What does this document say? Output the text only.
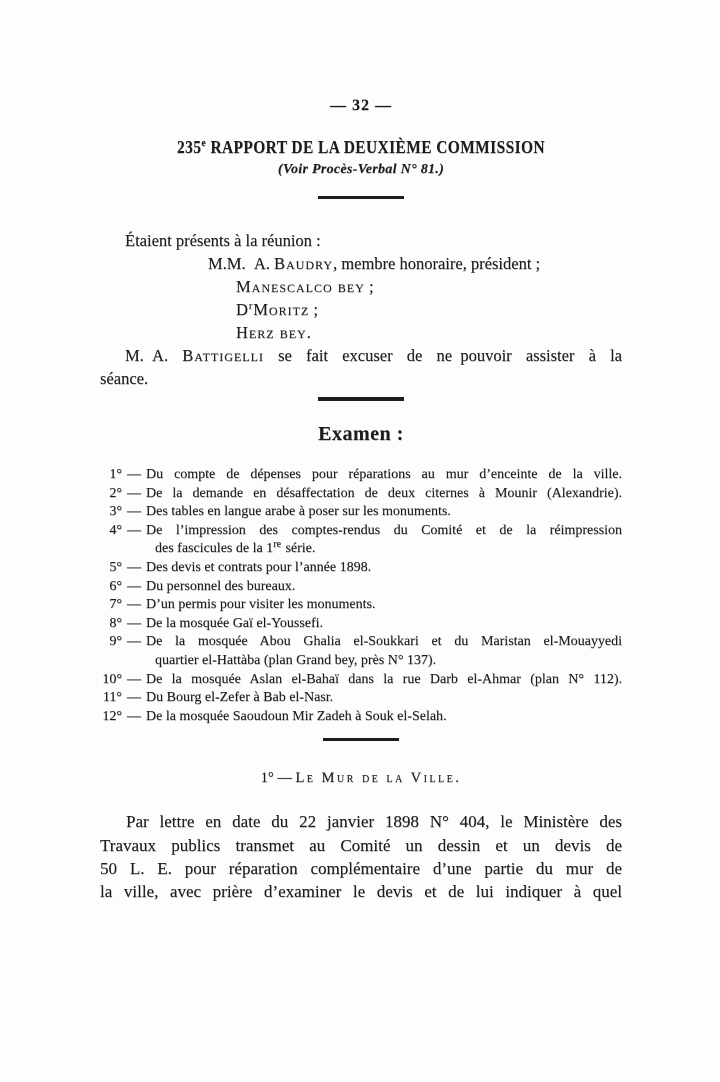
— 32 —
235e RAPPORT DE LA DEUXIÈME COMMISSION
(Voir Procès-Verbal N° 81.)
Étaient présents à la réunion :
M.M. A. Baudry, membre honoraire, président ;
Manescalco bey ;
$D^rMoritz$ ;
Herz bey.
M. A. Battigelli se fait excuser de ne pouvoir assister à la
séance.
Examen :
1° — Du compte de dépenses pour réparations au mur d’enceinte de la ville.
2° — De la demande en désaffectation de deux citernes à Mounir (Alexandrie).
3° — Des tables en langue arabe à poser sur les monuments.
4° — De l’impression des comptes-rendus du Comité et de la réimpression
des fascicules de la 1re série.
5° — Des devis et contrats pour l’année 1898.
6° — Du personnel des bureaux.
7° — D’un permis pour visiter les monuments.
8° — De la mosquée Gaï el-Youssefi.
9° — De la mosquée Abou Ghalia el-Soukkari et du Maristan el-Mouayyedi
quartier el-Hattàba (plan Grand bey, près N° 137).
10° — De la mosquée Aslan el-Bahaï dans la rue Darb el-Ahmar (plan N° 112).
11° — Du Bourg el-Zefer à Bab el-Nasr.
12° — De la mosquée Saoudoun Mir Zadeh à Souk el-Selah.
1° — Le Mur de la Ville.
Par lettre en date du 22 janvier 1898 N° 404, le Ministère des
Travaux publics transmet au Comité un dessin et un devis de
50 L. E. pour réparation complémentaire d’une partie du mur de
la ville, avec prière d’examiner le devis et de lui indiquer à quel
